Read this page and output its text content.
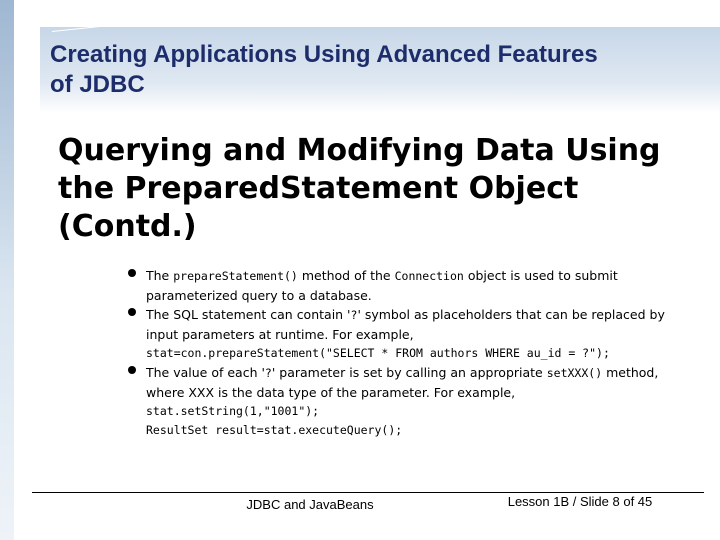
Creating Applications Using Advanced Features
of JDBC
Querying and Modifying Data Using
the PreparedStatement Object
(Contd.)
The prepareStatement() method of the Connection object is used to submit parameterized query to a database.
The SQL statement can contain '?' symbol as placeholders that can be replaced by input parameters at runtime. For example,
stat=con.prepareStatement("SELECT * FROM authors WHERE au_id = ?");
The value of each '?' parameter is set by calling an appropriate setXXX() method, where XXX is the data type of the parameter. For example,
stat.setString(1,"1001");
ResultSet result=stat.executeQuery();
JDBC and JavaBeans	Lesson 1B / Slide 8 of 45
